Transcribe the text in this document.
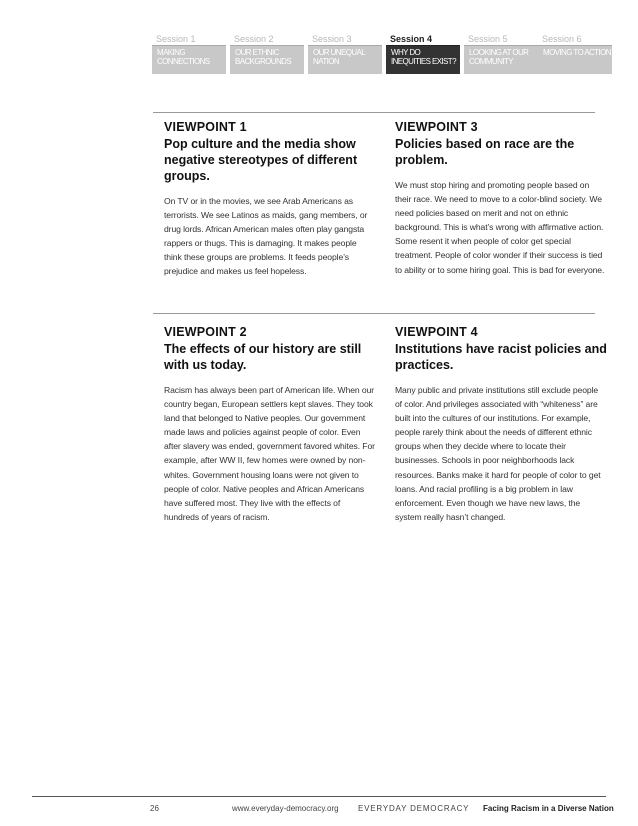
Session 1
MAKING CONNECTIONS
Session 2
OUR ETHNIC BACKGROUNDS
Session 3
OUR UNEQUAL NATION
Session 4
WHY DO INEQUITIES EXIST?
Session 5
LOOKING AT OUR COMMUNITY
Session 6
MOVING TO ACTION
VIEWPOINT 1
Pop culture and the media show negative stereotypes of different groups.
On TV or in the movies, we see Arab Americans as terrorists. We see Latinos as maids, gang members, or drug lords. African American males often play gangsta rappers or thugs. This is damaging. It makes people think these groups are problems. It feeds people’s prejudice and makes us feel hopeless.
VIEWPOINT 3
Policies based on race are the problem.
We must stop hiring and promoting people based on their race. We need to move to a color-blind society. We need policies based on merit and not on ethnic background. This is what’s wrong with affirmative action. Some resent it when people of color get special treatment. People of color wonder if their success is tied to ability or to some hiring goal. This is bad for everyone.
VIEWPOINT 2
The effects of our history are still with us today.
Racism has always been part of American life. When our country began, European settlers kept slaves. They took land that belonged to Native peoples. Our government made laws and policies against people of color. Even after slavery was ended, government favored whites. For example, after WW II, few homes were owned by non-whites. Government housing loans were not given to people of color. Native peoples and African Americans have suffered most. They live with the effects of hundreds of years of racism.
VIEWPOINT 4
Institutions have racist policies and practices.
Many public and private institutions still exclude people of color. And privileges associated with “whiteness” are built into the cultures of our institutions. For example, people rarely think about the needs of different ethnic groups when they decide where to locate their businesses. Schools in poor neighborhoods lack resources. Banks make it hard for people of color to get loans. And racial profiling is a big problem in law enforcement. Even though we have new laws, the system really hasn’t changed.
26	www.everyday-democracy.org EVERYDAY DEMOCRACY Facing Racism in a Diverse Nation
